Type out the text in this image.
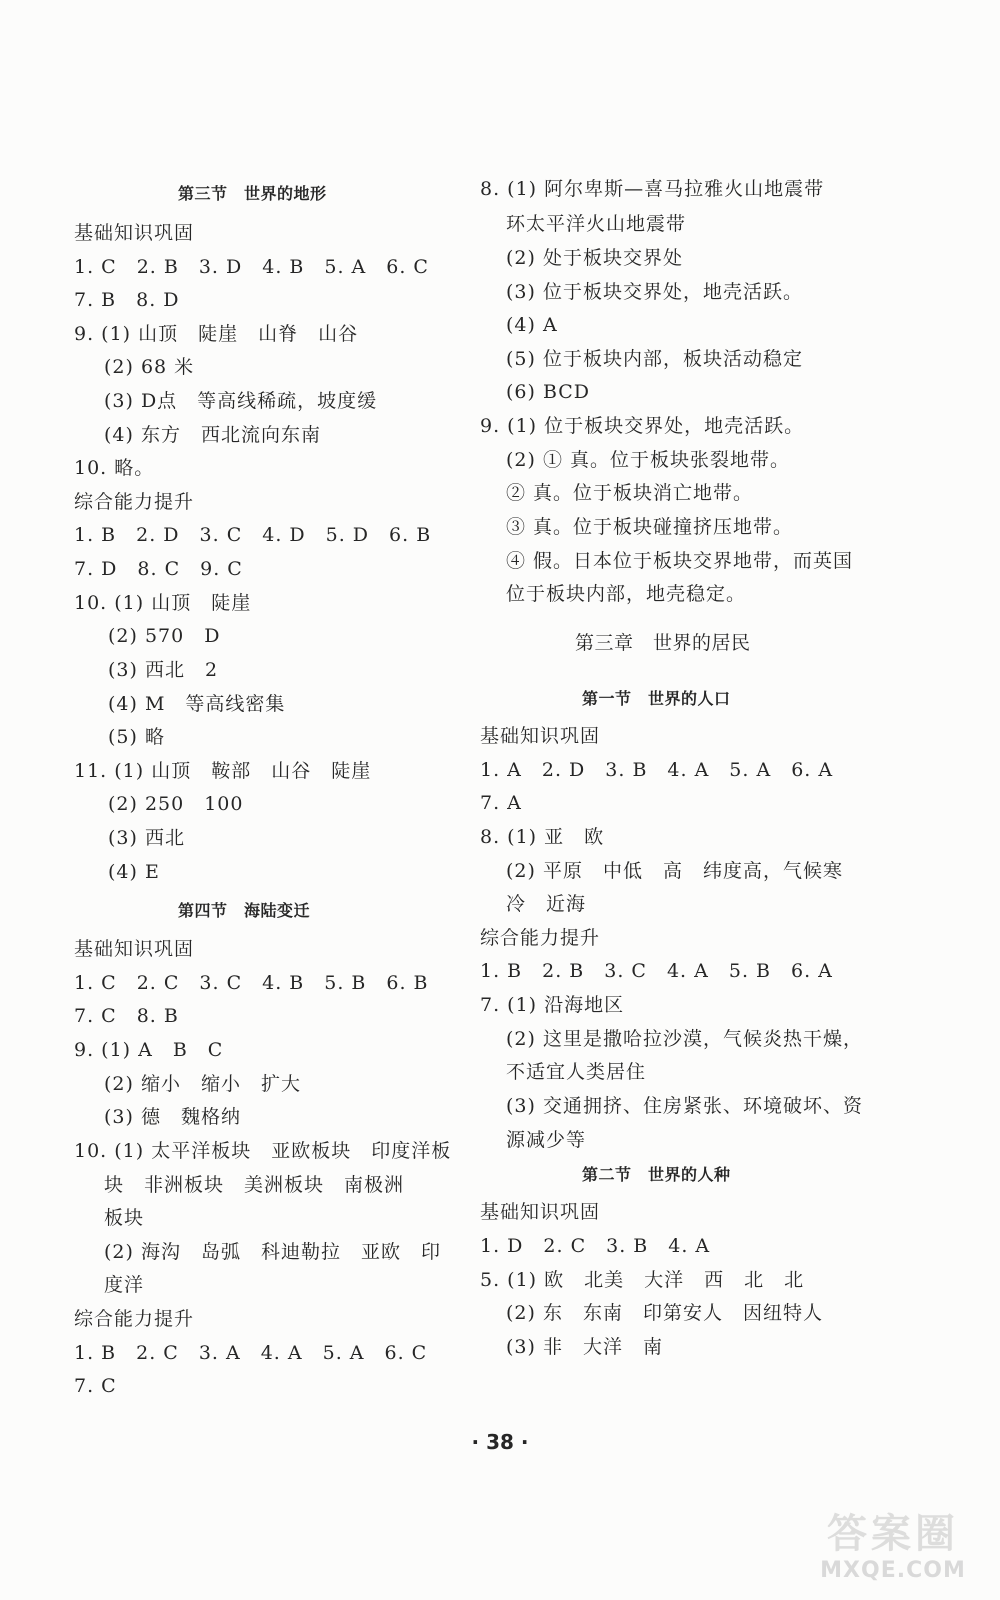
第三节　世界的地形
基础知识巩固
1. C　2. B　3. D　4. B　5. A　6. C
7. B　8. D
9. (1) 山顶　陡崖　山脊　山谷
(2) 68 米
(3) D点　等高线稀疏，坡度缓
(4) 东方　西北流向东南
10. 略。
综合能力提升
1. B　2. D　3. C　4. D　5. D　6. B
7. D　8. C　9. C
10. (1) 山顶　陡崖
(2) 570　D
(3) 西北　2
(4) M　等高线密集
(5) 略
11. (1) 山顶　鞍部　山谷　陡崖
(2) 250　100
(3) 西北
(4) E
第四节　海陆变迁
基础知识巩固
1. C　2. C　3. C　4. B　5. B　6. B
7. C　8. B
9. (1) A　B　C
(2) 缩小　缩小　扩大
(3) 德　魏格纳
10. (1) 太平洋板块　亚欧板块　印度洋板
块　非洲板块　美洲板块　南极洲
板块
(2) 海沟　岛弧　科迪勒拉　亚欧　印
度洋
综合能力提升
1. B　2. C　3. A　4. A　5. A　6. C
7. C
8. (1) 阿尔卑斯—喜马拉雅火山地震带
环太平洋火山地震带
(2) 处于板块交界处
(3) 位于板块交界处，地壳活跃。
(4) A
(5) 位于板块内部，板块活动稳定
(6) BCD
9. (1) 位于板块交界处，地壳活跃。
(2) ① 真。位于板块张裂地带。
② 真。位于板块消亡地带。
③ 真。位于板块碰撞挤压地带。
④ 假。日本位于板块交界地带，而英国
位于板块内部，地壳稳定。
第三章　世界的居民
第一节　世界的人口
基础知识巩固
1. A　2. D　3. B　4. A　5. A　6. A
7. A
8. (1) 亚　欧
(2) 平原　中低　高　纬度高，气候寒
冷　近海
综合能力提升
1. B　2. B　3. C　4. A　5. B　6. A
7. (1) 沿海地区
(2) 这里是撒哈拉沙漠，气候炎热干燥，
不适宜人类居住
(3) 交通拥挤、住房紧张、环境破坏、资
源减少等
第二节　世界的人种
基础知识巩固
1. D　2. C　3. B　4. A
5. (1) 欧　北美　大洋　西　北　北
(2) 东　东南　印第安人　因纽特人
(3) 非　大洋　南
· 38 ·
答案圈
MXQE.COM
